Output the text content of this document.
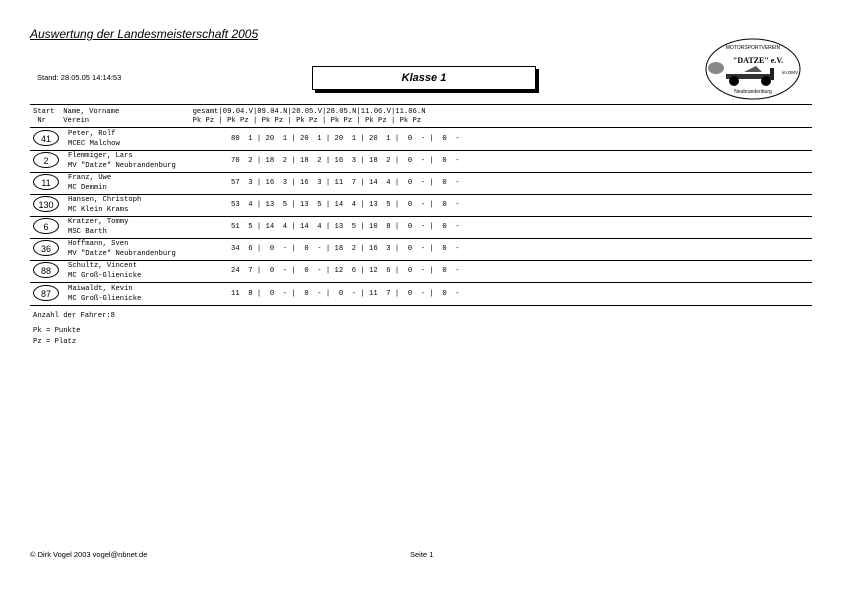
Auswertung der Landesmeisterschaft 2005
Stand: 28.05.05 14:14:53	Klasse 1
MOTORSPORTVEREIN
"DATZE" e.V.
im DMV
Neubrandenburg
Start  Name, Vorname                 gesamt|09.04.V|09.04.N|28.05.V|28.05.N|11.06.V|11.06.N
Nr    Verein                        Pk Pz | Pk Pz | Pk Pz | Pk Pz | Pk Pz | Pk Pz | Pk Pz
41	Peter, Rolf
MCEC Malchow
80  1 | 20  1 | 20  1 | 20  1 | 20  1 |  0  - |  0  -
2	Flemmiger, Lars
MV "Datze" Neubrandenburg
70  2 | 18  2 | 18  2 | 16  3 | 18  2 |  0  - |  0  -
11	Franz, Uwe
MC Demmin
57  3 | 16  3 | 16  3 | 11  7 | 14  4 |  0  - |  0  -
130	Hansen, Christoph
MC Klein Krams
53  4 | 13  5 | 13  5 | 14  4 | 13  5 |  0  - |  0  -
6	Kratzer, Tommy
MSC Barth
51  5 | 14  4 | 14  4 | 13  5 | 10  8 |  0  - |  0  -
36	Hoffmann, Sven
MV "Datze" Neubrandenburg
34  6 |  0  - |  0  - | 18  2 | 16  3 |  0  - |  0  -
88	Schultz, Vincent
MC Groß-Glienicke
24  7 |  0  - |  0  - | 12  6 | 12  6 |  0  - |  0  -
87	Maiwaldt, Kevin
MC Groß-Glienicke
11  8 |  0  - |  0  - |  0  - | 11  7 |  0  - |  0  -
Anzahl der Fahrer:8
Pk = Punkte
Pz = Platz
© Dirk Vogel 2003 vogel@nbnet.de	Seite 1
